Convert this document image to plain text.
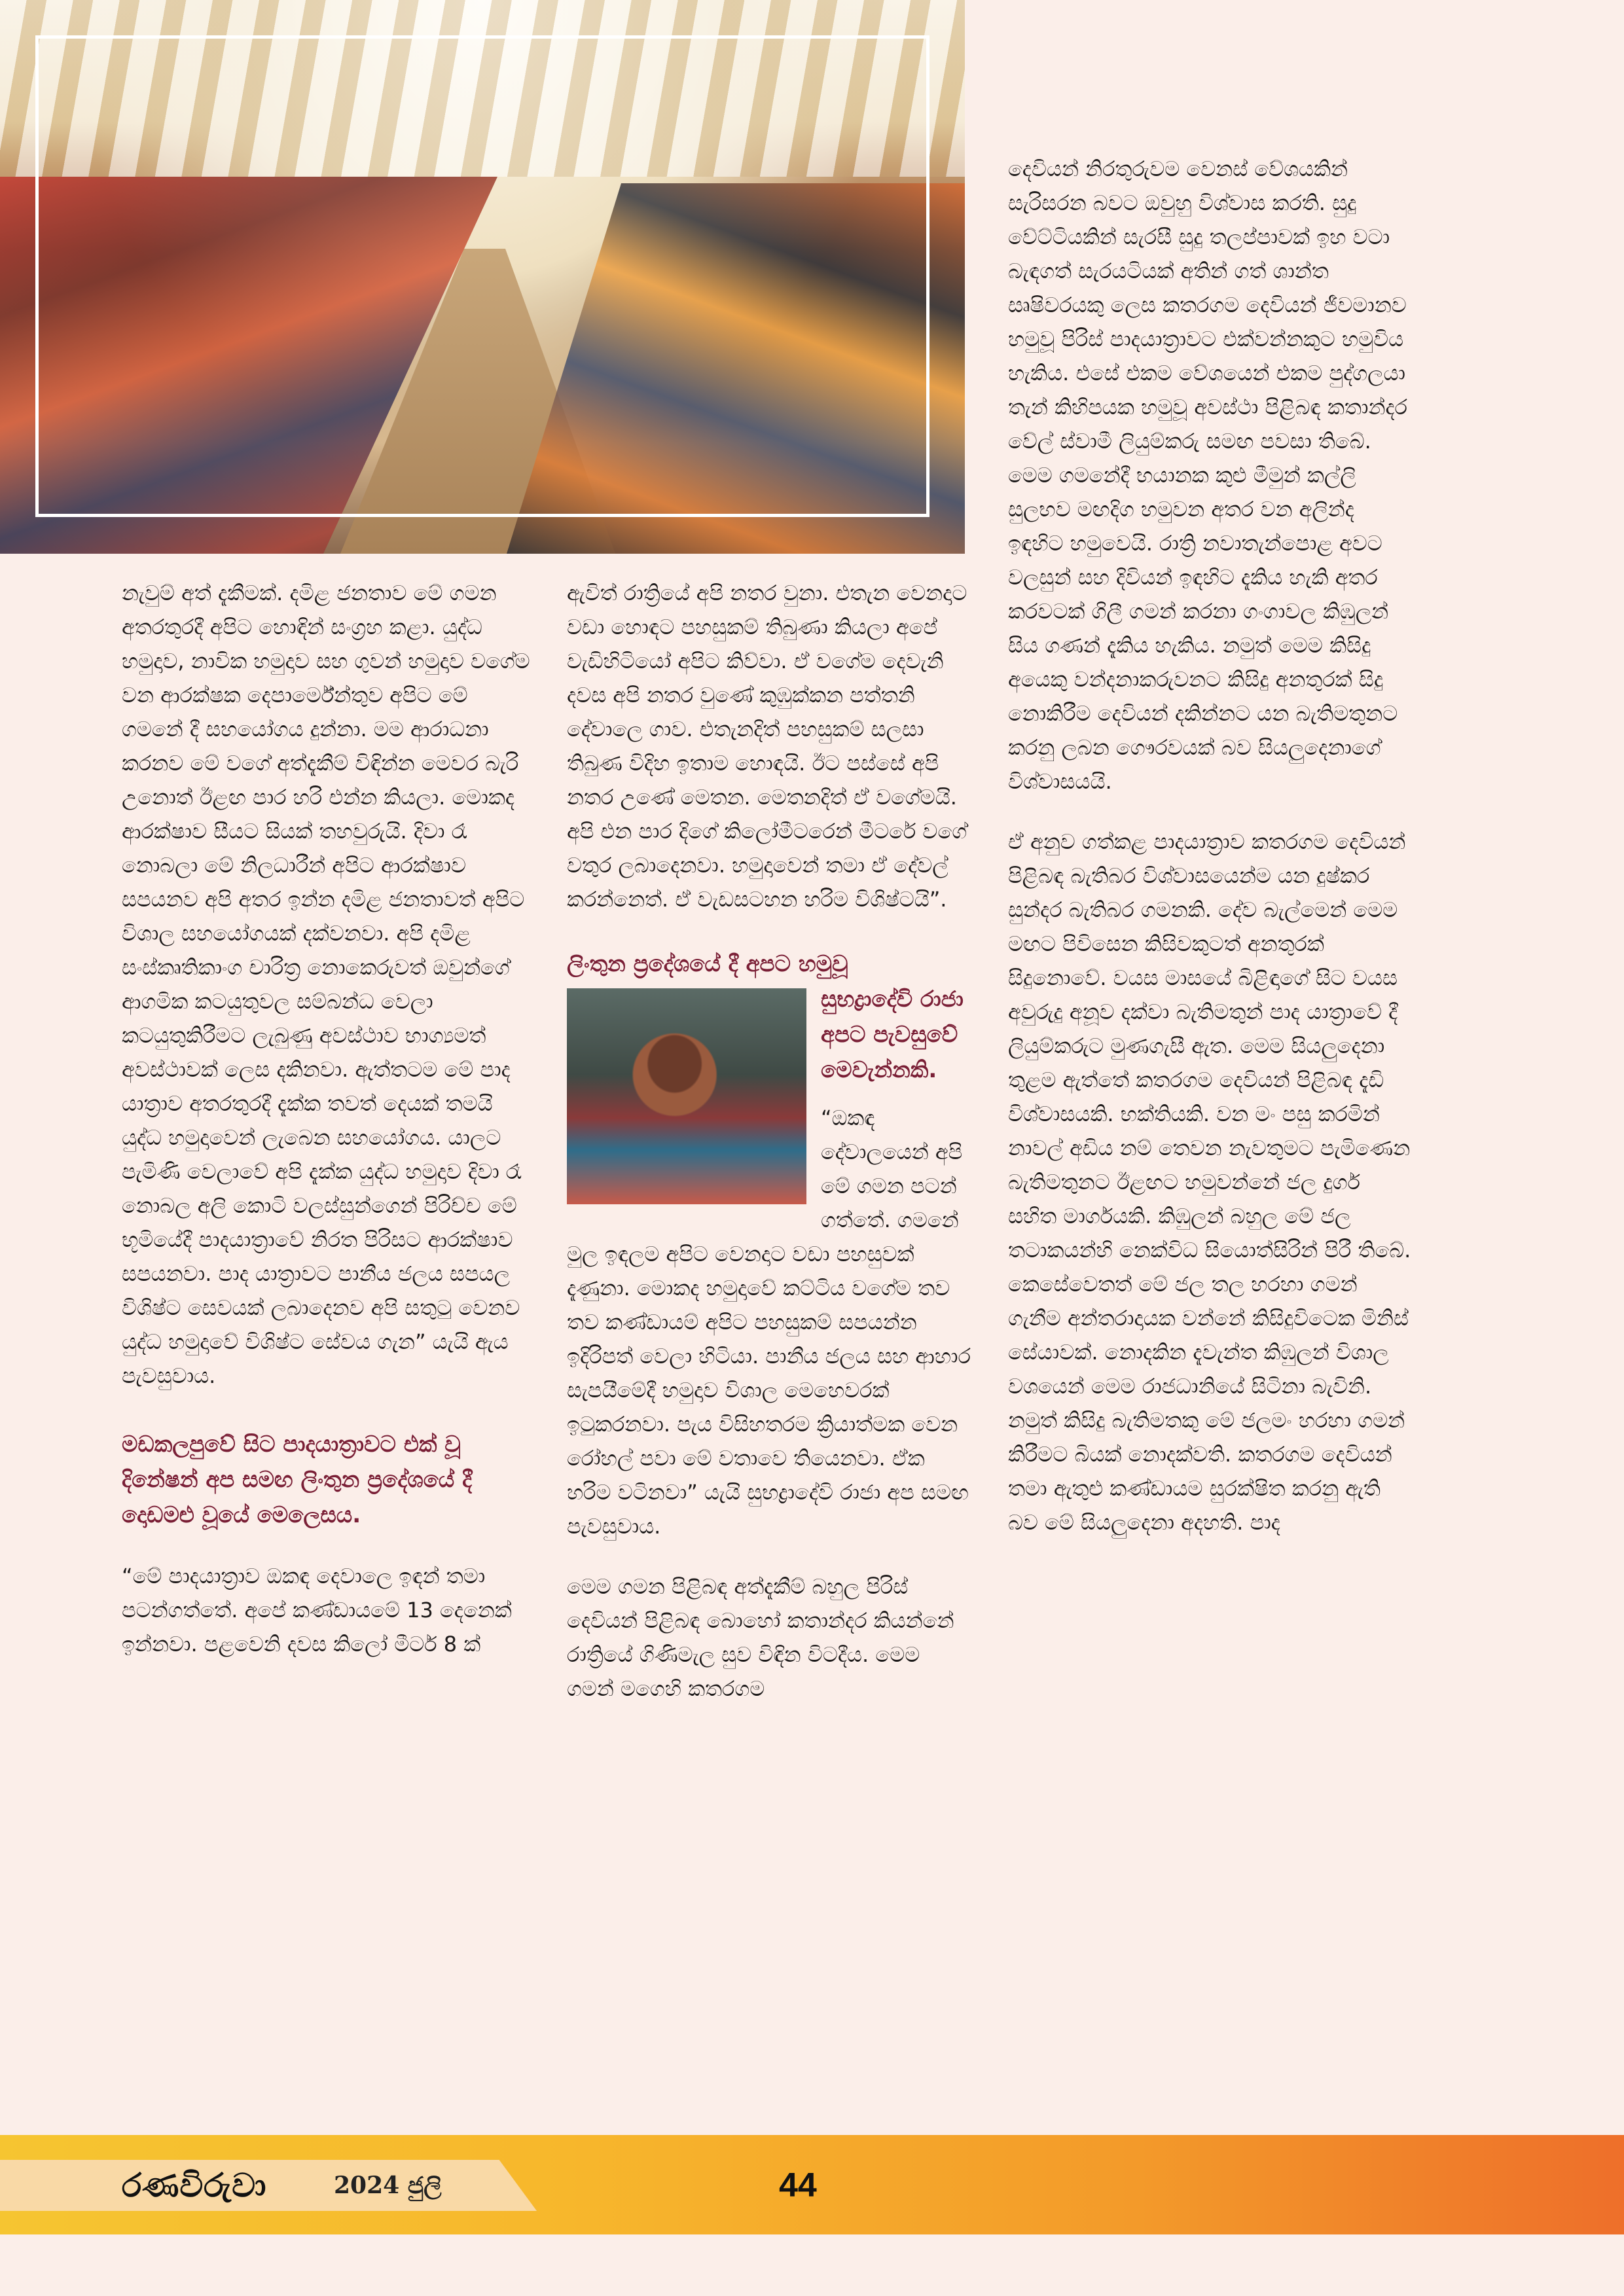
නැවුම් අත් දැකීමක්. දමිළ ජනතාව මේ ගමන අතරතුරදී අපිට හොඳින් සංග්‍රහ කළා. යුද්ධ හමුදාව, නාවික හමුදාව සහ ගුවන් හමුදාව වගේම වන ආරක්ෂක දෙපාර්මේන්තුව අපිට මේ ගමනේ දී සහයෝගය දුන්නා. මම ආරාධනා කරනව මේ වගේ අත්දැකීම් විඳින්න මෙවර බැරි උනොත් ඊළඟ පාර හරි එන්න කියලා. මොකද ආරක්ෂාව සීයට සියක් තහවුරුයි. දිවා රෑ නොබලා මේ නිලධාරීන් අපිට ආරක්ෂාව සපයනව අපි අතර ඉන්න දමිළ ජනතාවත් අපිට විශාල සහයෝගයක් දක්වනවා. අපි දමිළ සංස්කෘතිකාංග චාරිත්‍ර නොකෙරුවත් ඔවුන්ගේ ආගමික කටයුතුවල සම්බන්ධ වෙලා කටයුතුකිරීමට ලැබුණු අවස්ථාව භාග්‍යමත් අවස්ථාවක් ලෙස දකිනවා. ඇත්තටම මේ පාද යාත්‍රාව අතරතුරදී දැක්ක තවත් දෙයක් තමයි යුද්ධ හමුදාවෙන් ලැබෙන සහයෝගය. යාලට පැමිණි වෙලාවේ අපි දැක්ක යුද්ධ හමුදාව දිවා රෑ නොබල අලි කොටි වලස්සුන්ගෙන් පිරිච්ච මේ භූමියේදී පාදයාත්‍රාවේ නිරත පිරිසට ආරක්ෂාව සපයනවා. පාද යාත්‍රාවට පානීය ජලය සපයල විශිෂ්ට සෙවයක් ලබාදෙනව අපි සතුටු වෙනව යුද්ධ හමුදාවේ විශිෂ්ට සේවය ගැන” යැයි ඇය පැවසුවාය.

මඩකලපුවේ සිට පාදයාත්‍රාවට එක් වූ දිනේෂන් අප සමඟ ලිංතුන ප්‍රදේශයේ දී දොඩමළු වූයේ මෙලෙසය.

“මේ පාදයාත්‍රාව ඔකඳ දෙවාලෙ ඉඳන් තමා පටන්ගත්තේ. අපේ කණ්ඩායමේ 13 දෙනෙක් ඉන්නවා. පළවෙනි දවස කිලෝ මීටර් 8 ක්

ඇවිත් රාත්‍රියේ අපි නතර වුනා. එතැන වෙනදාට වඩා හොඳට පහසුකම් තිබුණා කියලා අපේ වැඩිහිටියෝ අපිට කිව්වා. ඒ වගේම දෙවැනි දවස අපි නතර වුණේ කුඹුක්කන පත්තනි දේවාලෙ ගාව. එතැනදිත් පහසුකම් සලසා තිබුණ විදිහ ඉතාම හොඳයි. ඊට පස්සේ අපි නතර උණේ මෙතන. මෙතනදිත් ඒ වගේමයි. අපි එන පාර දිගේ කිලෝමීටරෙන් මීටරේ වගේ වතුර ලබාදෙනවා. හමුදාවෙන් තමා ඒ දේවල් කරන්නෙත්. ඒ වැඩසටහන හරිම විශිෂ්ටයි”.

ලිංතුන ප්‍රදේශයේ දී අපට හමුවූ
සුභද්‍රාදේවි රාජා අපට පැවසුවේ මෙවැන්නකි.
“ඔකඳ දේවාලයෙන් අපි මේ ගමන පටන් ගත්තේ. ගමනේ මුල ඉඳලම අපිට වෙනදාට වඩා පහසුවක් දැණුනා. මොකද හමුදාවේ කට්ටිය වගේම තව තව කණ්ඩායම් අපිට පහසුකම් සපයන්න ඉදිරිපත් වෙලා හිටියා. පානීය ජලය සහ ආහාර සැපයීමේදී හමුදාව විශාල මෙහෙවරක් ඉටුකරනවා. පැය විසිහතරම ක්‍රියාත්මක වෙන රෝහල් පවා මේ වතාවෙ තියෙනවා. ඒක හරිම වටිනවා” යැයි සුභද්‍රාදේවි රාජා අප සමඟ පැවසුවාය.

මෙම ගමන පිළිබඳ අත්දැකීම් බහුල පිරිස් දෙවියන් පිළිබඳ බොහෝ කතාන්දර කියන්නේ රාත්‍රියේ ගිණිමැල සුව විඳින විටදීය. මෙම ගමන් මගෙහි කතරගම

දෙවියන් නිරතුරුවම වෙනස් වේශයකින් සැරිසරන බවට ඔවුහු විශ්වාස කරති. සුදු වේට්ටියකින් සැරසී සුදු තලප්පාවක් ඉහ වටා බැඳගත් සැරයටියක් අතින් ගත් ශාන්ත සෘෂිවරයකු ලෙස කතරගම දෙවියන් ජීවමානව හමුවූ පිරිස් පාදයාත්‍රාවට එක්වන්නකුට හමුවිය හැකිය. එසේ එකම වේශයෙන් එකම පුද්ගලයා තැන් කිහිපයක හමුවූ අවස්ථා පිළිබඳ කතාන්දර වේල් ස්වාමී ලියුම්කරු සමඟ පවසා තිබේ. මෙම ගමනේදී භයානක කුළු මීමුන් කල්ලි සුලභව මඟදිග හමුවන අතර වන අලින්ද ඉඳහිට හමුවෙයි. රාත්‍රි නවාතැන්පොළ අවට වලසුන් සහ දිවියන් ඉඳහිට දැකිය හැකි අතර කරවටක් ගිලී ගමන් කරනා ගංගාවල කිඹුලන් සිය ගණන් දැකිය හැකිය. නමුත් මෙම කිසිදු අයෙකු වන්දනාකරුවනට කිසිදු අනතුරක් සිදු නොකිරීම දෙවියන් දකින්නට යන බැතිමතුනට කරනු ලබන ගෞරවයක් බව සියලුදෙනාගේ විශ්වාසයයි.

ඒ අනුව ගත්කළ පාදයාත්‍රාව කතරගම දෙවියන් පිළිබඳ බැතිබර විශ්වාසයෙන්ම යන දුෂ්කර සුන්දර බැතිබර ගමනකි. දේව බැල්මෙන් මෙම මඟට පිවිසෙන කිසිවකුටත් අනතුරක් සිදුනොවේ. වයස මාසයේ බිළිඳාගේ සිට වයස අවුරුදු අනූව දක්වා බැතිමතුන් පාද යාත්‍රාවේ දී ලියුම්කරුට මුණගැසී ඇත. මෙම සියලුදෙනා තුළම ඇත්තේ කතරගම දෙවියන් පිළිබඳ දැඩි විශ්වාසයකි. භක්තියකි. වන මං පසු කරමින් නාවල් අඩිය නම් තෙවන නැවතුමට පැමිණෙන බැතිමතුනට ඊළඟට හමුවන්නේ ජල දුර්ග සහිත මාර්ගයකි. කිඹුලන් බහුල මේ ජල තටාකයන්හි නෙක්විධ සියොත්සිරින් පිරී තිබේ. කෙසේවෙතත් මේ ජල තල හරහා ගමන් ගැනීම අන්තරාදායක වන්නේ කිසිදුවිටෙක මිනිස් සේයාවක්. නොදකින දැවැන්ත කිඹුලන් විශාල වශයෙන් මෙම රාජධානියේ සිටිනා බැවිනි. නමුත් කිසිදු බැතිමතකු මේ ජලමං හරහා ගමන් කිරීමට බියක් නොදක්වති. කතරගම දෙවියන් තමා ඇතුළු කණ්ඩායම සුරක්ෂිත කරනු ඇති බව මේ සියලුදෙනා අදහති. පාද

රණවිරුවා	2024 ජුලි	44
